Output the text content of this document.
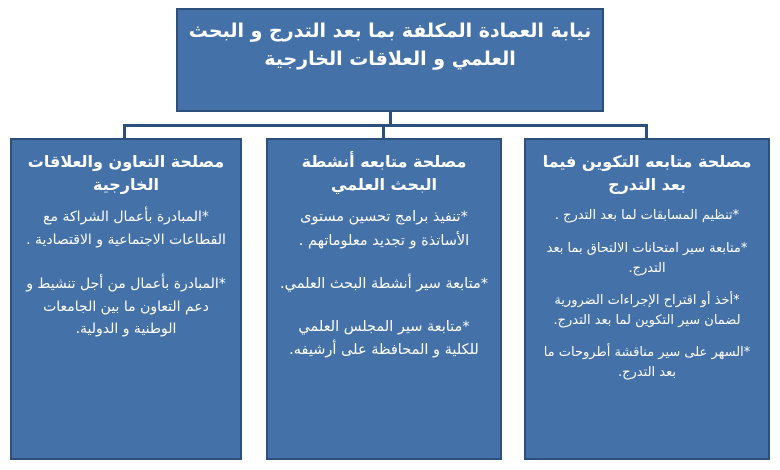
نيابة العمادة المكلفة بما بعد التدرج و البحث العلمي و العلاقات الخارجية
مصلحة متابعه التكوين فيما بعد التدرج

*تنظيم المسابقات لما بعد التدرج .

*متابعة سير امتحانات الالتحاق بما بعد التدرج.

*أخذ أو اقتراح الإجراءات الضرورية لضمان سير التكوين لما بعد التدرج.

*السهر على سير مناقشة أطروحات ما بعد التدرج.

مصلحة متابعه أنشطة البحث العلمي

*تنفيذ برامج تحسين مستوى الأساتذة و تجديد معلوماتهم .

*متابعة سير أنشطة البحث العلمي.

*متابعة سير المجلس العلمي للكلية و المحافظة على أرشيفه.

مصلحة التعاون والعلاقات الخارجية

*المبادرة بأعمال الشراكة مع القطاعات الاجتماعية و الاقتصادية .

*المبادرة بأعمال من أجل تنشيط و دعم التعاون ما بين الجامعات الوطنية و الدولية.
